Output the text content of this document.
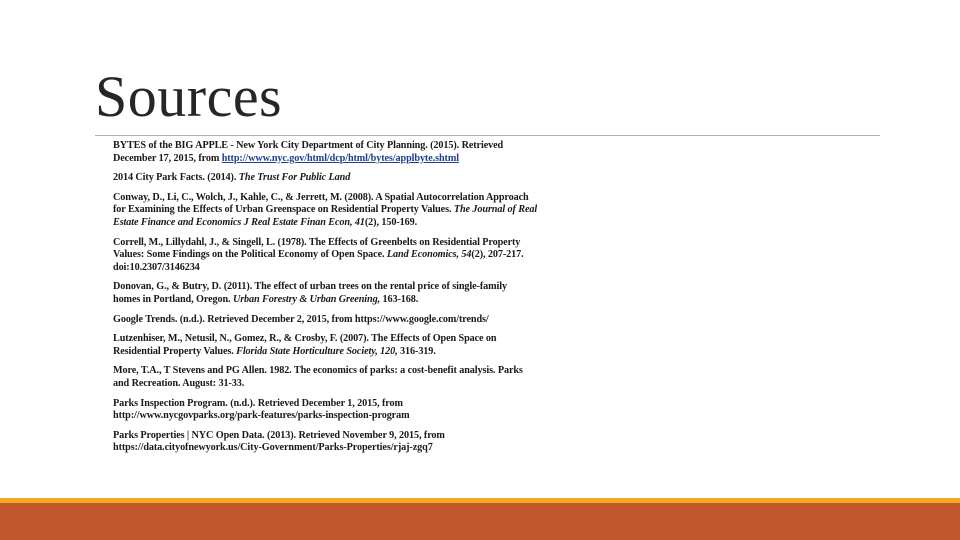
Sources
BYTES of the BIG APPLE - New York City Department of City Planning. (2015). Retrieved
December 17, 2015, from http://www.nyc.gov/html/dcp/html/bytes/applbyte.shtml
2014 City Park Facts. (2014). The Trust For Public Land
Conway, D., Li, C., Wolch, J., Kahle, C., & Jerrett, M. (2008). A Spatial Autocorrelation Approach
for Examining the Effects of Urban Greenspace on Residential Property Values. The Journal of Real
Estate Finance and Economics J Real Estate Finan Econ, 41(2), 150-169.
Correll, M., Lillydahl, J., & Singell, L. (1978). The Effects of Greenbelts on Residential Property
Values: Some Findings on the Political Economy of Open Space. Land Economics, 54(2), 207-217.
doi:10.2307/3146234
Donovan, G., & Butry, D. (2011). The effect of urban trees on the rental price of single-family
homes in Portland, Oregon. Urban Forestry & Urban Greening, 163-168.
Google Trends. (n.d.). Retrieved December 2, 2015, from https://www.google.com/trends/
Lutzenhiser, M., Netusil, N., Gomez, R., & Crosby, F. (2007). The Effects of Open Space on
Residential Property Values. Florida State Horticulture Society, 120, 316-319.
More, T.A., T Stevens and PG Allen. 1982. The economics of parks: a cost-benefit analysis. Parks
and Recreation. August: 31-33.
Parks Inspection Program. (n.d.). Retrieved December 1, 2015, from
http://www.nycgovparks.org/park-features/parks-inspection-program
Parks Properties | NYC Open Data. (2013). Retrieved November 9, 2015, from
https://data.cityofnewyork.us/City-Government/Parks-Properties/rjaj-zgq7
